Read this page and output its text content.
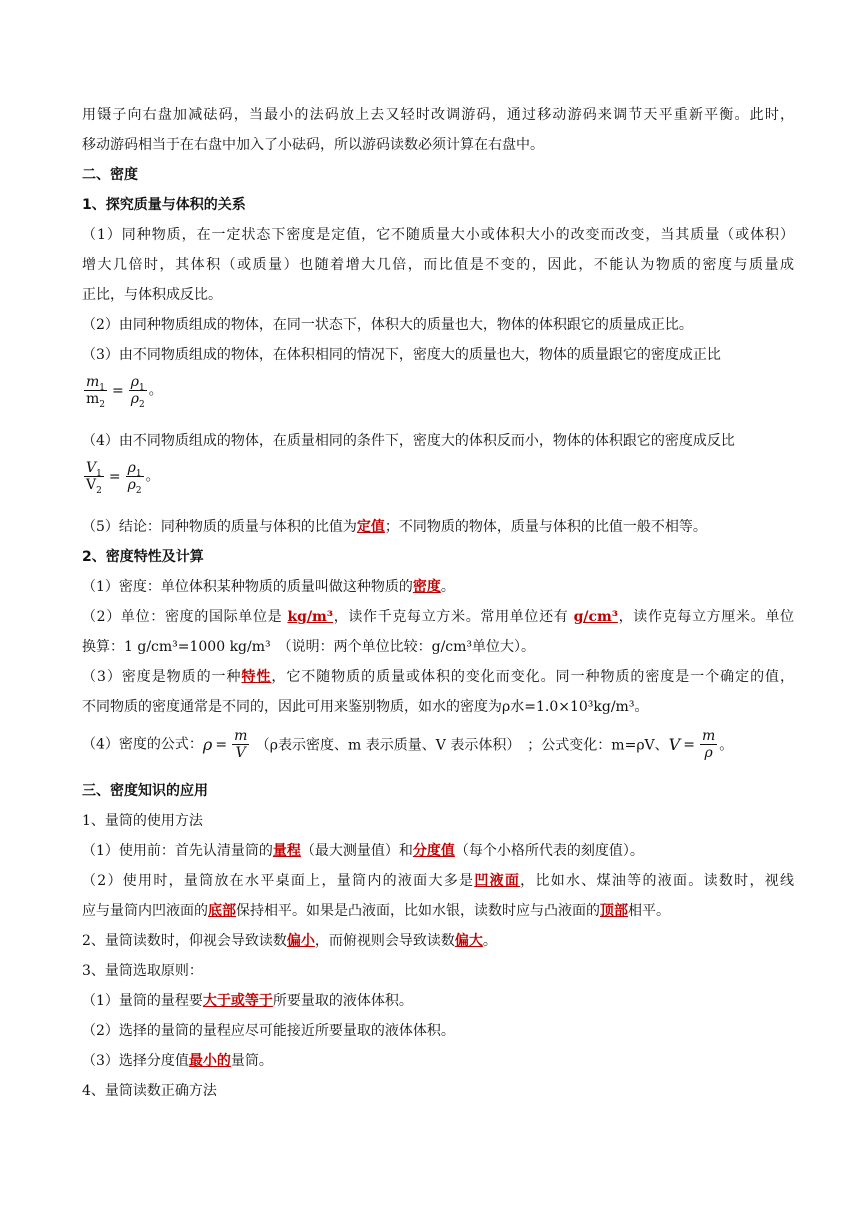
用镊子向右盘加减砝码，当最小的法码放上去又轻时改调游码，通过移动游码来调节天平重新平衡。此时，
移动游码相当于在右盘中加入了小砝码，所以游码读数必须计算在右盘中。
二、密度
1、探究质量与体积的关系
（1）同种物质，在一定状态下密度是定值，它不随质量大小或体积大小的改变而改变，当其质量（或体积）
增大几倍时，其体积（或质量）也随着增大几倍，而比值是不变的，因此，不能认为物质的密度与质量成
正比，与体积成反比。
（2）由同种物质组成的物体，在同一状态下，体积大的质量也大，物体的体积跟它的质量成正比。
（3）由不同物质组成的物体，在体积相同的情况下，密度大的质量也大，物体的质量跟它的密度成正比
$\frac{m_1}{m_2} = \frac{\rho_1}{\rho_2}$ 。
（4）由不同物质组成的物体，在质量相同的条件下，密度大的体积反而小，物体的体积跟它的密度成反比
$\frac{V_1}{V_2} = \frac{\rho_1}{\rho_2}$ 。
（5）结论：同种物质的质量与体积的比值为定值；不同物质的物体，质量与体积的比值一般不相等。
2、密度特性及计算
（1）密度：单位体积某种物质的质量叫做这种物质的密度。
（2）单位：密度的国际单位是 kg/m³，读作千克每立方米。常用单位还有 g/cm³，读作克每立方厘米。单位
换算：1 g/cm³=1000 kg/m³　（说明：两个单位比较：g/cm³单位大）。
（3）密度是物质的一种特性，它不随物质的质量或体积的变化而变化。同一种物质的密度是一个确定的值，
不同物质的密度通常是不同的，因此可用来鉴别物质，如水的密度为ρ水=1.0×10³kg/m³。
（4）密度的公式：$\rho = \frac{m}{V} (\rho$表示密度、m 表示质量、V 表示体积）　；公式变化：m=ρV、$V = \frac{m}{\rho}$ 。
三、密度知识的应用
1、量筒的使用方法
（1）使用前：首先认清量筒的量程（最大测量值）和分度值（每个小格所代表的刻度值）。
（2）使用时，量筒放在水平桌面上，量筒内的液面大多是凹液面，比如水、煤油等的液面。读数时，视线
应与量筒内凹液面的底部保持相平。如果是凸液面，比如水银，读数时应与凸液面的顶部相平。
2、量筒读数时，仰视会导致读数偏小，而俯视则会导致读数偏大。
3、量筒选取原则：
（1）量筒的量程要大于或等于所要量取的液体体积。
（2）选择的量筒的量程应尽可能接近所要量取的液体体积。
（3）选择分度值最小的量筒。
4、量筒读数正确方法
